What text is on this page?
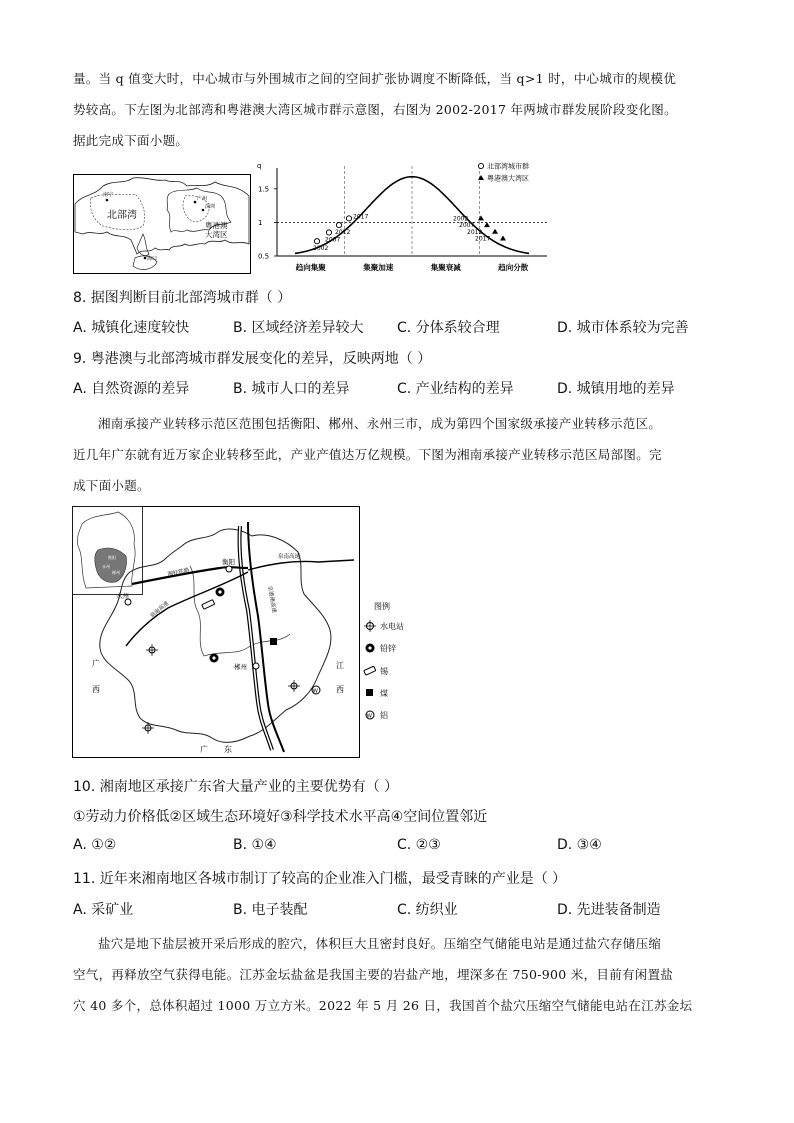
量。当 q 值变大时，中心城市与外围城市之间的空间扩张协调度不断降低，当 q>1 时，中心城市的规模优
势较高。下左图为北部湾和粤港澳大湾区城市群示意图，右图为 2002-2017 年两城市群发展阶段变化图。
据此完成下面小题。
南宁
广州
深圳
海口
北部湾
粤港澳
大湾区
q
1.5
1
0.5
趋向集聚	集聚加速	集聚衰减	趋向分散
2002
2007
2012
2017	2002
2007
2012
2017
北部湾城市群
粤港澳大湾区
8. 据图判断目前北部湾城市群（ ）
A. 城镇化速度较快	B. 区域经济差异较大 C. 分体系较合理	D. 城市体系较为完善
9. 粤港澳与北部湾城市群发展变化的差异，反映两地（ ）
A. 自然资源的差异	B. 城市人口的差异	C. 产业结构的差异	D. 城镇用地的差异
湘南承接产业转移示范区范围包括衡阳、郴州、永州三市，成为第四个国家级承接产业转移示范区。
近几年广东就有近万家企业转移至此，产业产值达万亿规模。下图为湘南承接产业转移示范区局部图。完
成下面小题。
衡阳
永州
郴州
衡阳
永州
郴州
湘桂铁路
泉南高速
泉南高速	京港澳高速
W
广
西
广 东
江
西
图例
水电站
铅锌
锡
煤
W 铝
10. 湘南地区承接广东省大量产业的主要优势有（ ）
①劳动力价格低②区域生态环境好③科学技术水平高④空间位置邻近
A. ①②	B. ①④	C. ②③	D. ③④
11. 近年来湘南地区各城市制订了较高的企业准入门槛，最受青睐的产业是（ ）
A. 采矿业	B. 电子装配	C. 纺织业	D. 先进装备制造
盐穴是地下盐层被开采后形成的腔穴，体积巨大且密封良好。压缩空气储能电站是通过盐穴存储压缩
空气，再释放空气获得电能。江苏金坛盐盆是我国主要的岩盐产地，埋深多在 750-900 米，目前有闲置盐
穴 40 多个，总体积超过 1000 万立方米。2022 年 5 月 26 日，我国首个盐穴压缩空气储能电站在江苏金坛
